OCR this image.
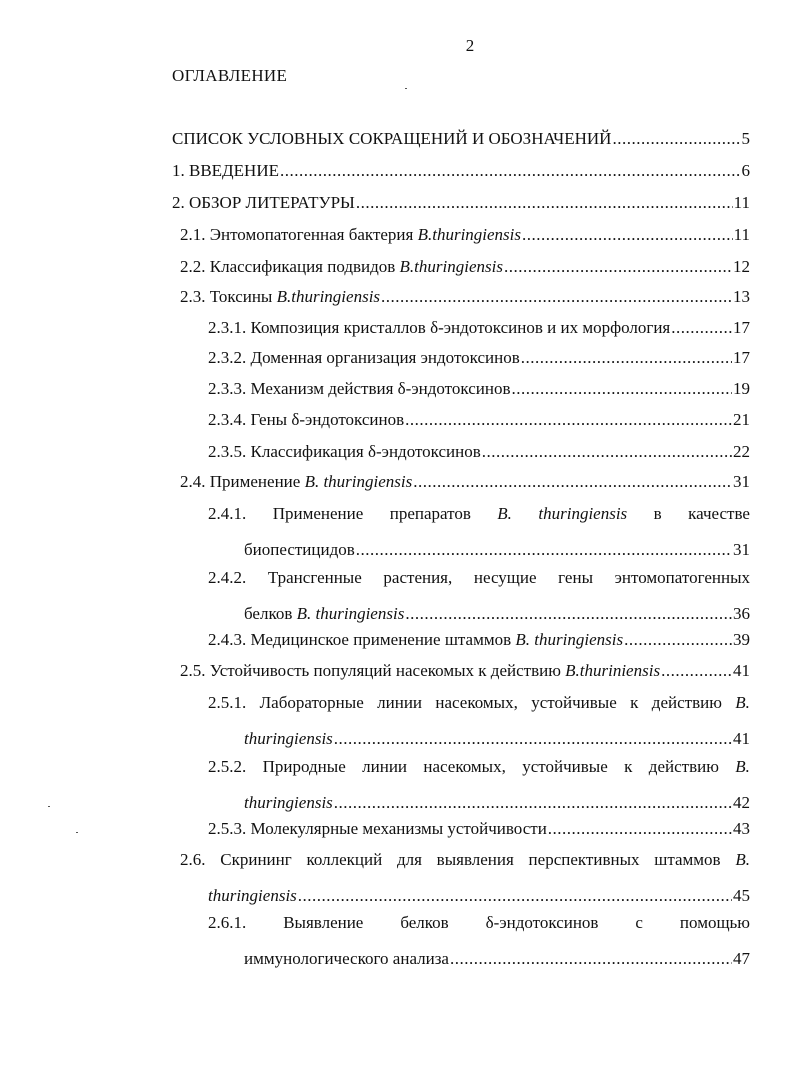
2
ОГЛАВЛЕНИЕ
СПИСОК УСЛОВНЫХ СОКРАЩЕНИЙ И ОБОЗНАЧЕНИЙ .....	5
1. ВВЕДЕНИЕ .....	6
2. ОБЗОР ЛИТЕРАТУРЫ .....	11
2.1. Энтомопатогенная бактерия B.thuringiensis .....	11
2.2. Классификация подвидов B.thuringiensis .....	12
2.3. Токсины B.thuringiensis .....	13
2.3.1. Композиция кристаллов δ-эндотоксинов и их морфология .....	17
2.3.2. Доменная организация эндотоксинов .....	17
2.3.3. Механизм действия δ-эндотоксинов .....	19
2.3.4. Гены δ-эндотоксинов .....	21
2.3.5. Классификация δ-эндотоксинов .....	22
2.4. Применение B. thuringiensis .....	31
2.4.1. Применение препаратов B. thuringiensis в качестве
биопестицидов .....	31
2.4.2. Трансгенные растения, несущие гены энтомопатогенных
белков B. thuringiensis .....	36
2.4.3. Медицинское применение штаммов B. thuringiensis .....	39
2.5. Устойчивость популяций насекомых к действию B.thuriniensis .....	41
2.5.1. Лабораторные линии насекомых, устойчивые к действию B.
thuringiensis .....	41
2.5.2. Природные линии насекомых, устойчивые к действию B.
thuringiensis .....	42
2.5.3. Молекулярные механизмы устойчивости .....	43
2.6. Скрининг коллекций для выявления перспективных штаммов B.
thuringiensis .....	45
2.6.1. Выявление белков δ-эндотоксинов с помощью
иммунологического анализа .....	47
